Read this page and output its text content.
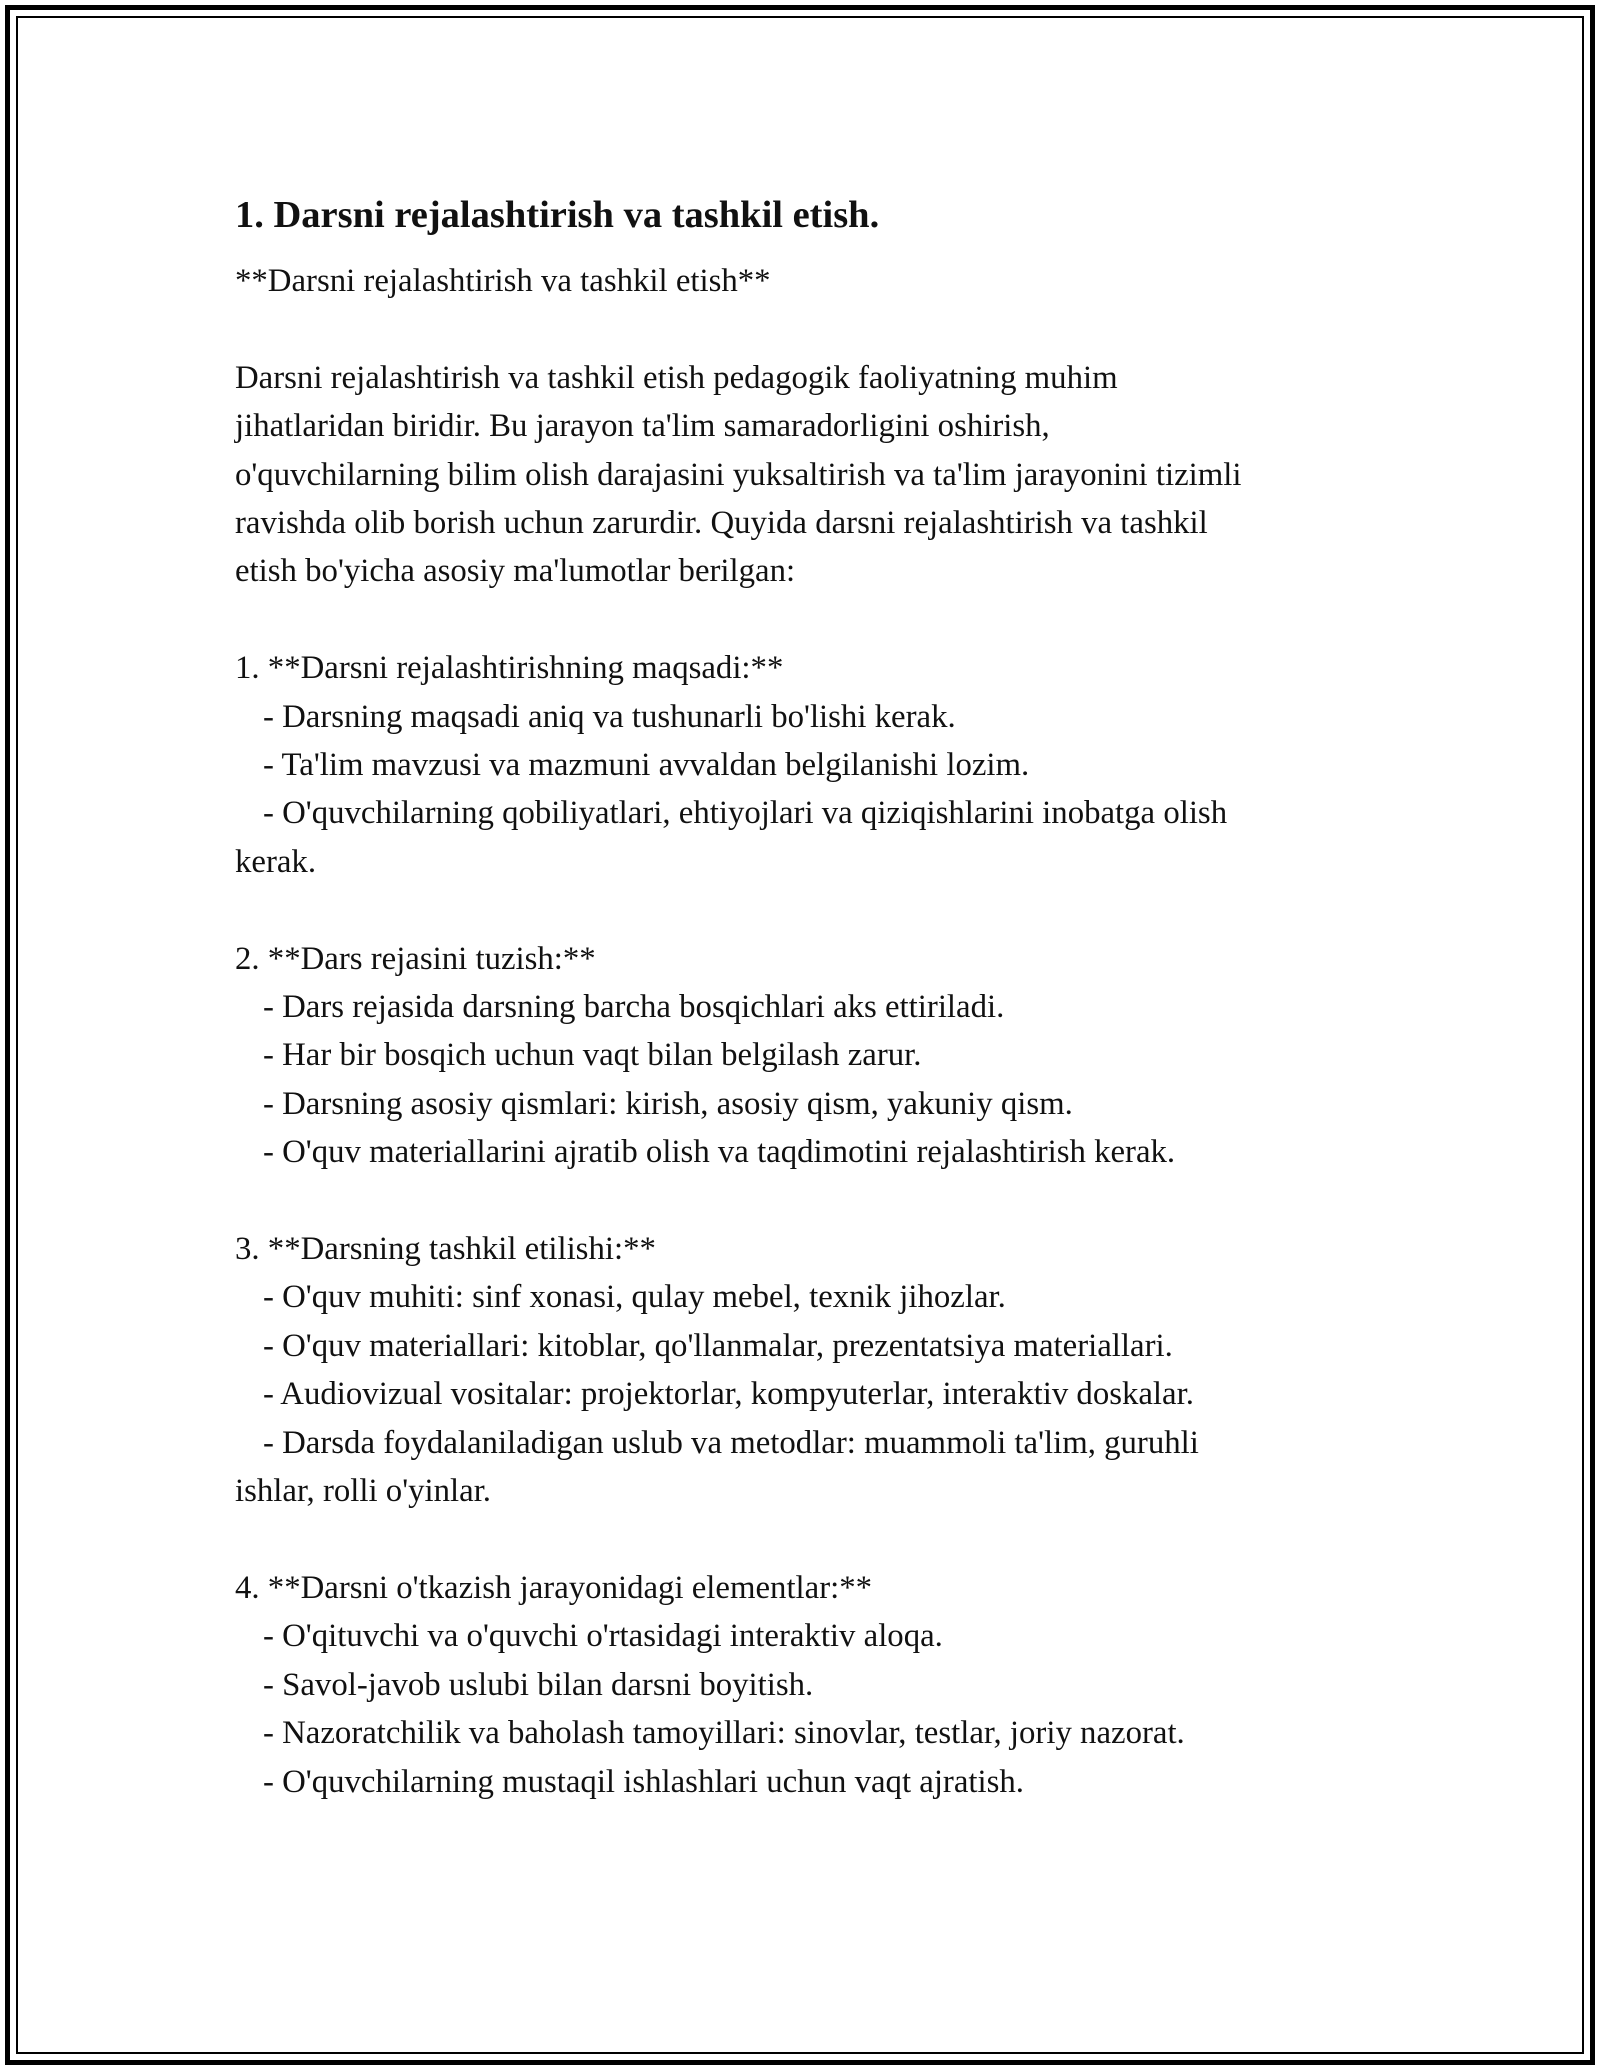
1. Darsni rejalashtirish va tashkil etish.
**Darsni rejalashtirish va tashkil etish**
Darsni rejalashtirish va tashkil etish pedagogik faoliyatning muhim
jihatlaridan biridir. Bu jarayon ta'lim samaradorligini oshirish,
o'quvchilarning bilim olish darajasini yuksaltirish va ta'lim jarayonini tizimli
ravishda olib borish uchun zarurdir. Quyida darsni rejalashtirish va tashkil
etish bo'yicha asosiy ma'lumotlar berilgan:
1. **Darsni rejalashtirishning maqsadi:**
- Darsning maqsadi aniq va tushunarli bo'lishi kerak.
- Ta'lim mavzusi va mazmuni avvaldan belgilanishi lozim.
- O'quvchilarning qobiliyatlari, ehtiyojlari va qiziqishlarini inobatga olish
kerak.
2. **Dars rejasini tuzish:**
- Dars rejasida darsning barcha bosqichlari aks ettiriladi.
- Har bir bosqich uchun vaqt bilan belgilash zarur.
- Darsning asosiy qismlari: kirish, asosiy qism, yakuniy qism.
- O'quv materiallarini ajratib olish va taqdimotini rejalashtirish kerak.
3. **Darsning tashkil etilishi:**
- O'quv muhiti: sinf xonasi, qulay mebel, texnik jihozlar.
- O'quv materiallari: kitoblar, qo'llanmalar, prezentatsiya materiallari.
- Audiovizual vositalar: projektorlar, kompyuterlar, interaktiv doskalar.
- Darsda foydalaniladigan uslub va metodlar: muammoli ta'lim, guruhli
ishlar, rolli o'yinlar.
4. **Darsni o'tkazish jarayonidagi elementlar:**
- O'qituvchi va o'quvchi o'rtasidagi interaktiv aloqa.
- Savol-javob uslubi bilan darsni boyitish.
- Nazoratchilik va baholash tamoyillari: sinovlar, testlar, joriy nazorat.
- O'quvchilarning mustaqil ishlashlari uchun vaqt ajratish.
